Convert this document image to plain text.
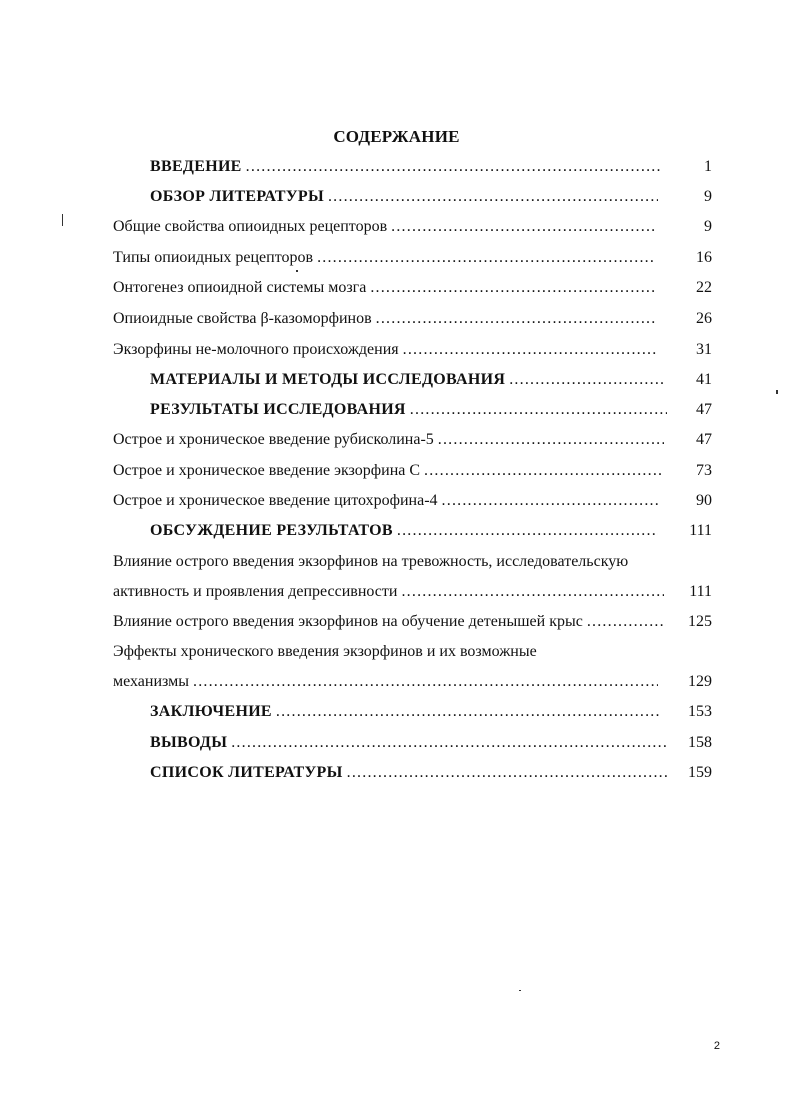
СОДЕРЖАНИЕ
ВВЕДЕНИЕ .....	1
ОБЗОР ЛИТЕРАТУРЫ .....	9
Общие свойства опиоидных рецепторов .....	9
Типы опиоидных рецепторов .....	16
Онтогенез опиоидной системы мозга .....	22
Опиоидные свойства β-казоморфинов .....	26
Экзорфины не-молочного происхождения .....	31
МАТЕРИАЛЫ И МЕТОДЫ ИССЛЕДОВАНИЯ .....	41
РЕЗУЛЬТАТЫ ИССЛЕДОВАНИЯ .....	47
Острое и хроническое введение рубисколина-5 .....	47
Острое и хроническое введение экзорфина С .....	73
Острое и хроническое введение цитохрофина-4 .....	90
ОБСУЖДЕНИЕ РЕЗУЛЬТАТОВ .....	111
Влияние острого введения экзорфинов на тревожность, исследовательскую
активность и проявления депрессивности .....	111
Влияние острого введения экзорфинов на обучение детенышей крыс .....	125
Эффекты хронического введения экзорфинов и их возможные
механизмы .....	129
ЗАКЛЮЧЕНИЕ .....	153
ВЫВОДЫ .....	158
СПИСОК ЛИТЕРАТУРЫ .....	159
2
